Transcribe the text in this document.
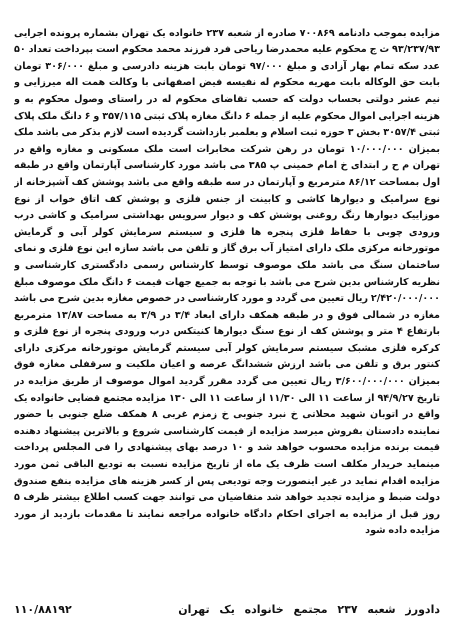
مزایده بموجب دادنامه ۷۰۰۸۶۹ صادره از شعبه ۲۳۷ خانواده یک تهران بشماره پرونده اجرایی ۹۳/۲۳۷/۹۳ ث ج محکوم علیه محمدرضا ریاحی فرد فرزند محمد محکوم است بپرداخت تعداد ۵۰ عدد سکه تمام بهار آزادی و مبلغ ۹۷/۰۰۰ تومان بابت هزینه دادرسی و مبلغ ۳۰۶/۰۰۰ تومان بابت حق الوکاله بابت مهریه محکوم له نفیسه فیض اصفهانی با وکالت همت اله میرزایی و نیم عشر دولتی بحساب دولت که حسب تقاضای محکوم له در راستای وصول محکوم به و هزینه اجرایی اموال محکوم علیه از جمله ۶ دانگ مغازه پلاک ثبتی ۳۵۷/۱۱۵ و ۶ دانگ ملک پلاک ثبتی ۳۰۵۷/۴ بخش ۳ حوزه ثبت اسلام و بعلمبر بازداشت گردیده است لازم بذکر می باشد ملک بمیزان ۱۰/۰۰۰/۰۰۰ تومان در رهن شرکت مخابرات است ملک مسکونی و مغازه واقع در تهران م ح ر ابتدای خ امام خمینی پ ۳۸۵ می باشد مورد کارشناسی آپارتمان واقع در طبقه اول بمساحت ۸۶/۱۲ مترمربع و آپارتمان در سه طبقه واقع می باشد پوشش کف آشپزخانه از نوع سرامیک و دیوارها کاشی و کابینت از جنس فلزی و پوشش کف اتاق خواب از نوع موزاییک دیوارها رنگ روغنی پوشش کف و دیوار سرویس بهداشتی سرامیک و کاشی درب ورودی چوبی با حفاظ فلزی پنجره ها فلزی و سیستم سرمایش کولر آبی و گرمایش موتورخانه مرکزی ملک دارای امتیاز آب برق گاز و تلفن می باشد سازه این نوع فلزی و نمای ساختمان سنگ می باشد ملک موصوف توسط کارشناس رسمی دادگستری کارشناسی و نظریه کارشناس بدین شرح می باشد با توجه به جمیع جهات قیمت ۶ دانگ ملک موصوف مبلغ ۲/۴۲۰/۰۰۰/۰۰۰ ریال تعیین می گردد و مورد کارشناسی در خصوص مغازه بدین شرح می باشد مغازه در شمالی فوق و در طبقه همکف دارای ابعاد ۳/۴ در ۳/۹ به مساحت ۱۳/۸۷ مترمربع بارتفاع ۴ متر و پوشش کف از نوع سنگ دیوارها کنیتکس درب ورودی پنجره از نوع فلزی و کرکره فلزی مشبک سیستم سرمایش کولر آبی سیستم گرمایش موتورخانه مرکزی دارای کنتور برق و تلفن می باشد ارزش ششدانگ عرصه و اعیان ملکیت و سرقفلی مغازه فوق بمیزان ۳/۶۰۰/۰۰۰/۰۰۰ ریال تعیین می گردد مقرر گردید اموال موصوف از طریق مزایده در تاریخ ۹۴/۹/۲۷ از ساعت ۱۱ الی ۱۱/۳۰ از ساعت ۱۱ الی ۱۳۰ مزایده مجتمع قضایی خانواده یک واقع در اتوبان شهید محلاتی خ نبرد جنوبی خ زمزم غربی ۸ همکف ضلع جنوبی با حضور نماینده دادستان بفروش میرسد مزایده از قیمت کارشناسی شروع و بالاترین پیشنهاد دهنده قیمت برنده مزایده محسوب خواهد شد و ۱۰ درصد بهای پیشنهادی را فی المجلس پرداخت مینماید خریدار مکلف است ظرف یک ماه از تاریخ مزایده نسبت به تودیع الباقی ثمن مورد مزایده اقدام نماید در غیر اینصورت وجه تودیعی پس از کسر هزینه های مزایده بنفع صندوق دولت ضبط و مزایده تجدید خواهد شد متقاضیان می توانند جهت کسب اطلاع بیشتر ظرف ۵ روز قبل از مزایده به اجرای احکام دادگاه خانواده مراجعه نمایند تا مقدمات بازدید از مورد مزایده داده شود

دادورز شعبه ۲۳۷ مجتمع خانواده یک تهران
۱۱۰/۸۸۱۹۲
